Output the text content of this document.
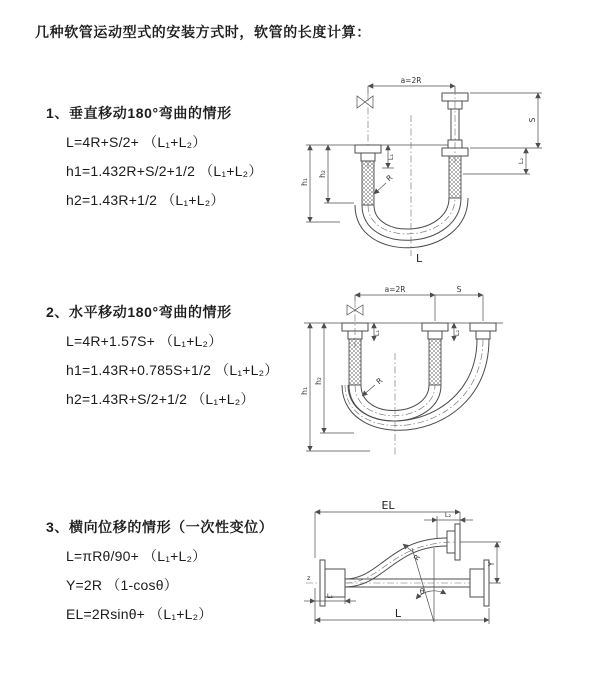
几种软管运动型式的安装方式时，软管的长度计算：
1、垂直移动180°弯曲的情形
L=4R+S/2+ （L₁+L₂）
h1=1.432R+S/2+1/2 （L₁+L₂）
h2=1.43R+1/2 （L₁+L₂）
a=2R
h₁
h₂
L₁
S
L₂
R
L
2、水平移动180°弯曲的情形
L=4R+1.57S+ （L₁+L₂）
h1=1.43R+0.785S+1/2 （L₁+L₂）
h2=1.43R+S/2+1/2 （L₁+L₂）
a=2R	S
h₁
h₂
L₁	L₂
R
3、横向位移的情形（一次性变位）
L=πRθ/90+ （L₁+L₂）
Y=2R （1-cosθ）
EL=2Rsinθ+ （L₁+L₂）
EL
L₂
z
R
θ
Y
L₁
L
